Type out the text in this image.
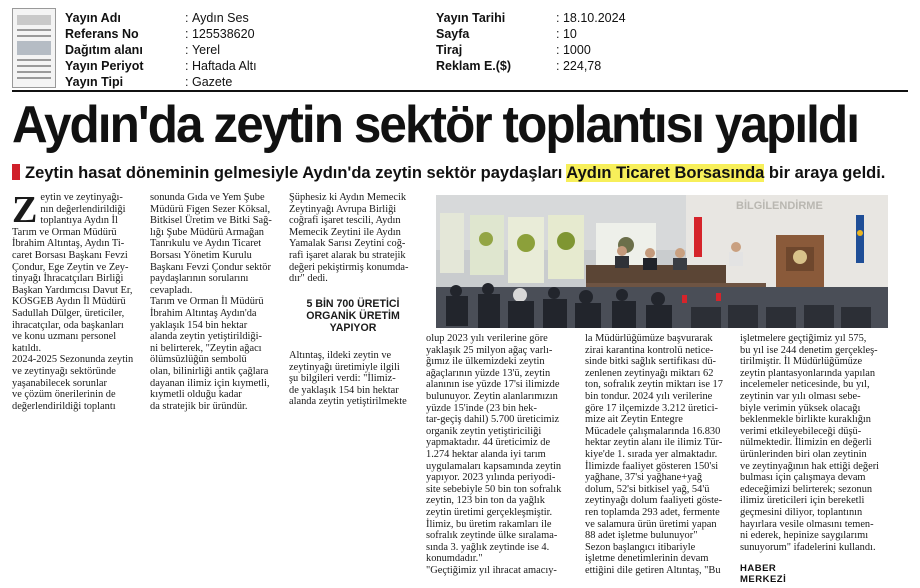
Yayın Adı	:
Aydın Ses
Referans No	:
125538620
Dağıtım alanı	:
Yerel
Yayın Periyot	:
Haftada Altı
Yayın Tipi	:
Gazete
Yayın Tarihi	:
18.10.2024
Sayfa	:
10
Tiraj	:
1000
Reklam E.($)	:
224,78
Aydın'da zeytin sektör toplantısı yapıldı
Zeytin hasat döneminin gelmesiyle Aydın'da zeytin sektör paydaşları Aydın Ticaret Borsasında bir araya geldi.
Z eytin ve zeytinyağı-
nın değerlendirildiği
toplantıya Aydın İl
Tarım ve Orman Müdürü
İbrahim Altıntaş, Aydın Ti-
caret Borsası Başkanı Fevzi
Çondur, Ege Zeytin ve Zey-
tinyağı İhracatçıları Birliği
Başkan Yardımcısı Davut Er,
KOSGEB Aydın İl Müdürü
Sadullah Dülger, üreticiler,
ihracatçılar, oda başkanları
ve konu uzmanı personel
katıldı.
2024-2025 Sezonunda zeytin
ve zeytinyağı sektöründe
yaşanabilecek sorunlar
ve çözüm önerilerinin de
değerlendirildiği toplantı

sonunda Gıda ve Yem Şube
Müdürü Figen Sezer Köksal,
Bitkisel Üretim ve Bitki Sağ-
lığı Şube Müdürü Armağan
Tanrıkulu ve Aydın Ticaret
Borsası Yönetim Kurulu
Başkanı Fevzi Çondur sektör
paydaşlarının sorularını
cevapladı.
Tarım ve Orman İl Müdürü
İbrahim Altıntaş Aydın'da
yaklaşık 154 bin hektar
alanda zeytin yetiştirildiği-
ni belirterek, "Zeytin ağacı
ölümsüzlüğün sembolü
olan, bilinirliği antik çağlara
dayanan ilimiz için kıymetli,
kıymetli olduğu kadar
da stratejik bir üründür.

Şüphesiz ki Aydın Memecik
Zeytinyağı Avrupa Birliği
coğrafi işaret tescili, Aydın
Memecik Zeytini ile Aydın
Yamalak Sarısı Zeytini coğ-
rafi işaret alarak bu stratejik
değeri pekiştirmiş konumda-
dır" dedi.

5 BİN 700 ÜRETİCİ
ORGANİK ÜRETİM
YAPIYOR

Altıntaş, ildeki zeytin ve
zeytinyağı üretimiyle ilgili
şu bilgileri verdi: "İlimiz-
de yaklaşık 154 bin hektar
alanda zeytin yetiştirilmekte

olup 2023 yılı verilerine göre
yaklaşık 25 milyon ağaç varlı-
ğımız ile ülkemizdeki zeytin
ağaçlarının yüzde 13'ü, zeytin
alanının ise yüzde 17'si ilimizde
bulunuyor. Zeytin alanlarımızın
yüzde 15'inde (23 bin hek-
tar-geçiş dahil) 5.700 üreticimiz
organik zeytin yetiştiriciliği
yapmaktadır. 44 üreticimiz de
1.274 hektar alanda iyi tarım
uygulamaları kapsamında zeytin
yapıyor. 2023 yılında periyodi-
site sebebiyle 50 bin ton sofralık
zeytin, 123 bin ton da yağlık
zeytin üretimi gerçekleşmiştir.
İlimiz, bu üretim rakamları ile
sofralık zeytinde ülke sıralama-
sında 3. yağlık zeytinde ise 4.
konumdadır."
"Geçtiğimiz yıl ihracat amacıy-

la Müdürlüğümüze başvurarak
zirai karantina kontrolü netice-
sinde bitki sağlık sertifikası dü-
zenlenen zeytinyağı miktarı 62
ton, sofralık zeytin miktarı ise 17
bin tondur. 2024 yılı verilerine
göre 17 ilçemizde 3.212 üretici-
mize ait Zeytin Entegre
Mücadele çalışmalarında 16.830
hektar zeytin alanı ile ilimiz Tür-
kiye'de 1. sırada yer almaktadır.
İlimizde faaliyet gösteren 150'si
yağhane, 37'si yağhane+yağ
dolum, 52'si bitkisel yağ, 54'ü
zeytinyağı dolum faaliyeti göste-
ren toplamda 293 adet, fermente
ve salamura ürün üretimi yapan
88 adet işletme bulunuyor"
Sezon başlangıcı itibariyle
işletme denetimlerinin devam
ettiğini dile getiren Altıntaş, "Bu

işletmelere geçtiğimiz yıl 575,
bu yıl ise 244 denetim gerçekleş-
tirilmiştir. İl Müdürlüğümüze
zeytin plantasyonlarında yapılan
incelemeler neticesinde, bu yıl,
zeytinin var yılı olması sebe-
biyle verimin yüksek olacağı
beklenmekle birlikte kuraklığın
verimi etkileyebileceği düşü-
nülmektedir. İlimizin en değerli
ürünlerinden biri olan zeytinin
ve zeytinyağının hak ettiği değeri
bulması için çalışmaya devam
edeceğimizi belirterek; sezonun
ilimiz üreticileri için bereketli
geçmesini diliyor, toplantının
hayırlara vesile olmasını temen-
ni ederek, hepinize saygılarımı
sunuyorum" ifadelerini kullandı.

HABER MERKEZİ
BİLGİLENDİRME
